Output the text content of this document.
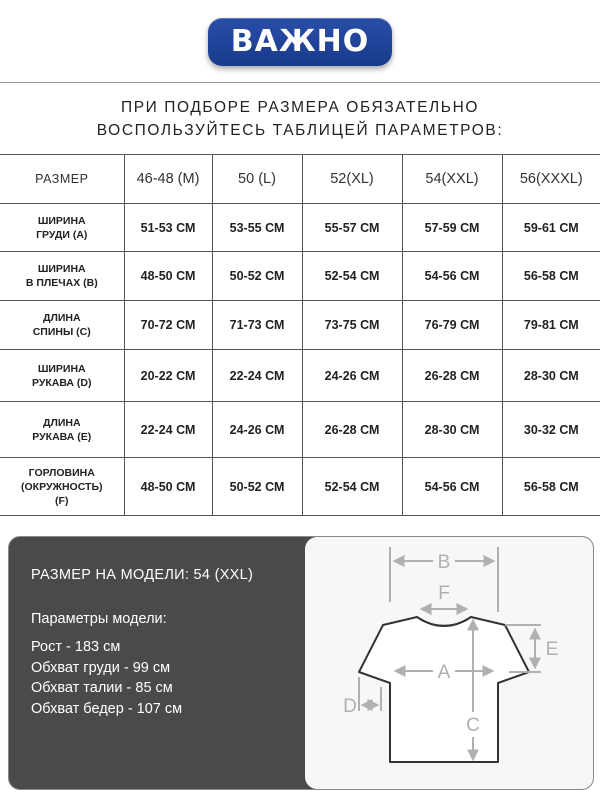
ВАЖНО
ПРИ ПОДБОРЕ РАЗМЕРА ОБЯЗАТЕЛЬНО
ВОСПОЛЬЗУЙТЕСЬ ТАБЛИЦЕЙ ПАРАМЕТРОВ:
РАЗМЕР	46-48 (M)	50 (L)	52(XL)	54(XXL)	56(XXXL)

ШИРИНА
ГРУДИ (A)	51-53 СМ	53-55 СМ	55-57 СМ	57-59 СМ	59-61 СМ

ШИРИНА
В ПЛЕЧАХ (B)	48-50 СМ	50-52 СМ	52-54 СМ	54-56 СМ	56-58 СМ

ДЛИНА
СПИНЫ (C)	70-72 СМ	71-73 СМ	73-75 СМ	76-79 СМ	79-81 СМ

ШИРИНА
РУКАВА (D)	20-22 СМ	22-24 СМ	24-26 СМ	26-28 СМ	28-30 СМ

ДЛИНА
РУКАВА (E)	22-24 СМ	24-26 СМ	26-28 СМ	28-30 СМ	30-32 СМ

ГОРЛОВИНА
(ОКРУЖНОСТЬ)
(F)	48-50 СМ	50-52 СМ	52-54 СМ	54-56 СМ	56-58 СМ
РАЗМЕР НА МОДЕЛИ: 54 (XXL)
Параметры модели:
Рост - 183 см
Обхват груди - 99 см
Обхват талии - 85 см
Обхват бедер - 107 см
B
F
A
C
E
D
